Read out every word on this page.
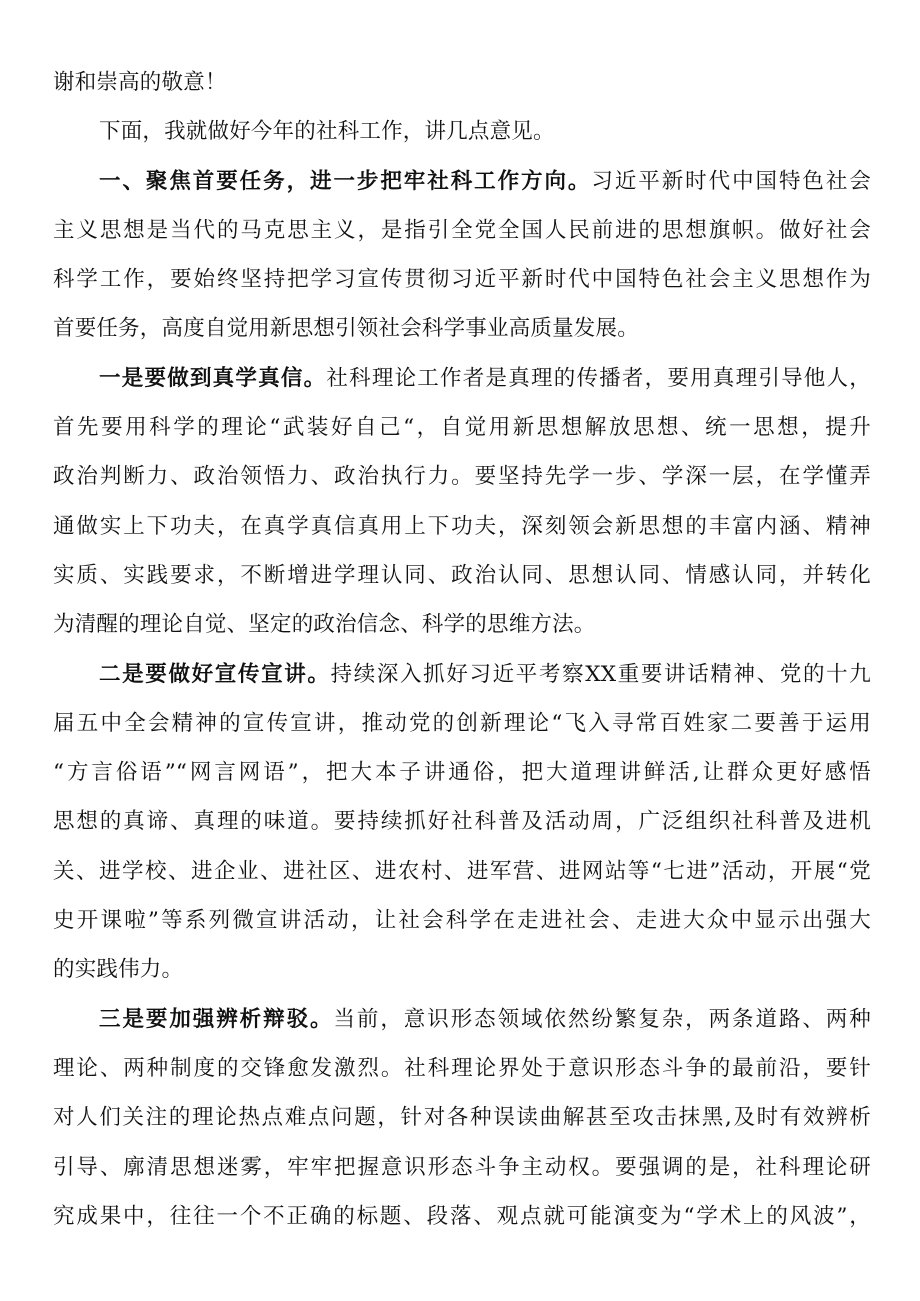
谢和崇高的敬意！
下面，我就做好今年的社科工作，讲几点意见。
一、聚焦首要任务，进一步把牢社科工作方向。习近平新时代中国特色社会
主义思想是当代的马克思主义，是指引全党全国人民前进的思想旗帜。做好社会
科学工作，要始终坚持把学习宣传贯彻习近平新时代中国特色社会主义思想作为
首要任务，高度自觉用新思想引领社会科学事业高质量发展。
一是要做到真学真信。社科理论工作者是真理的传播者，要用真理引导他人，
首先要用科学的理论“武装好自己“，自觉用新思想解放思想、统一思想，提升
政治判断力、政治领悟力、政治执行力。要坚持先学一步、学深一层，在学懂弄
通做实上下功夫，在真学真信真用上下功夫，深刻领会新思想的丰富内涵、精神
实质、实践要求，不断增进学理认同、政治认同、思想认同、情感认同，并转化
为清醒的理论自觉、坚定的政治信念、科学的思维方法。
二是要做好宣传宣讲。持续深入抓好习近平考察XX重要讲话精神、党的十九
届五中全会精神的宣传宣讲，推动党的创新理论“飞入寻常百姓家二要善于运用
“方言俗语”“网言网语”，把大本子讲通俗，把大道理讲鲜活,让群众更好感悟
思想的真谛、真理的味道。要持续抓好社科普及活动周，广泛组织社科普及进机
关、进学校、进企业、进社区、进农村、进军营、进网站等“七进”活动，开展“党
史开课啦”等系列微宣讲活动，让社会科学在走进社会、走进大众中显示出强大
的实践伟力。
三是要加强辨析辩驳。当前，意识形态领域依然纷繁复杂，两条道路、两种
理论、两种制度的交锋愈发激烈。社科理论界处于意识形态斗争的最前沿，要针
对人们关注的理论热点难点问题，针对各种误读曲解甚至攻击抹黑,及时有效辨析
引导、廓清思想迷雾，牢牢把握意识形态斗争主动权。要强调的是，社科理论研
究成果中，往往一个不正确的标题、段落、观点就可能演变为“学术上的风波”，
